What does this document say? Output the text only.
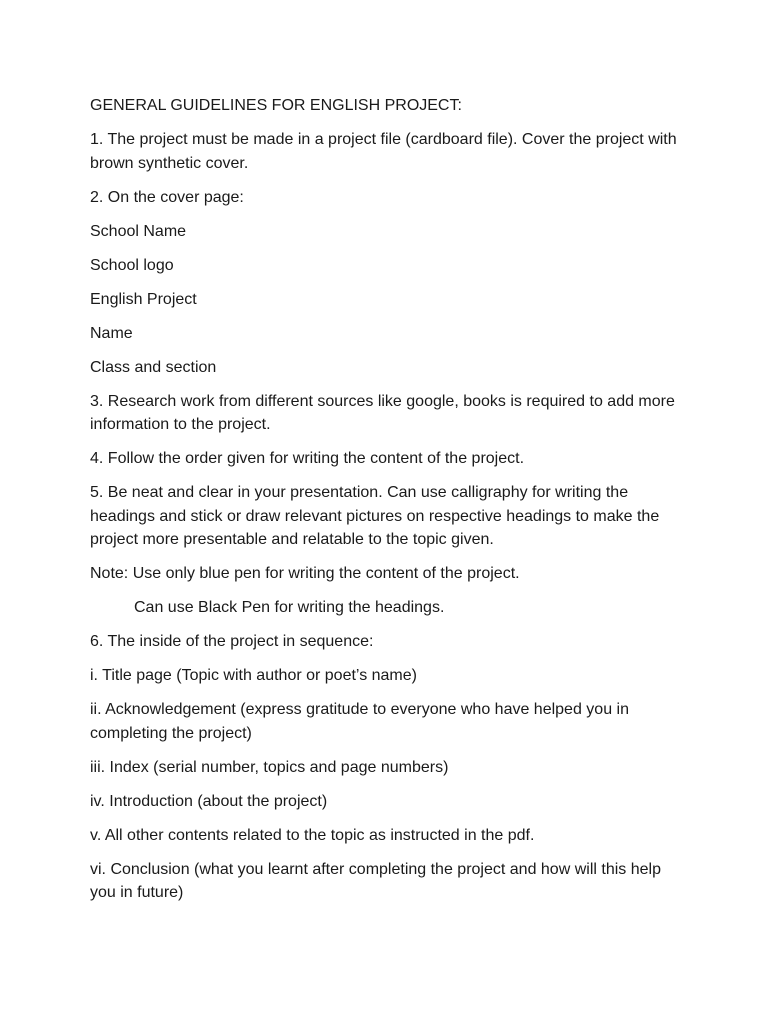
GENERAL GUIDELINES FOR ENGLISH PROJECT:

1. The project must be made in a project file (cardboard file). Cover the project with brown synthetic cover.

2. On the cover page:

School Name

School logo

English Project

Name

Class and section

3. Research work from different sources like google, books is required to add more information to the project.

4. Follow the order given for writing the content of the project.

5. Be neat and clear in your presentation. Can use calligraphy for writing the headings and stick or draw relevant pictures on respective headings to make the project more presentable and relatable to the topic given.

Note: Use only blue pen for writing the content of the project.

Can use Black Pen for writing the headings.

6. The inside of the project in sequence:

i. Title page (Topic with author or poet’s name)

ii. Acknowledgement (express gratitude to everyone who have helped you in completing the project)

iii. Index (serial number, topics and page numbers)

iv. Introduction (about the project)

v. All other contents related to the topic as instructed in the pdf.

vi. Conclusion (what you learnt after completing the project and how will this help you in future)
